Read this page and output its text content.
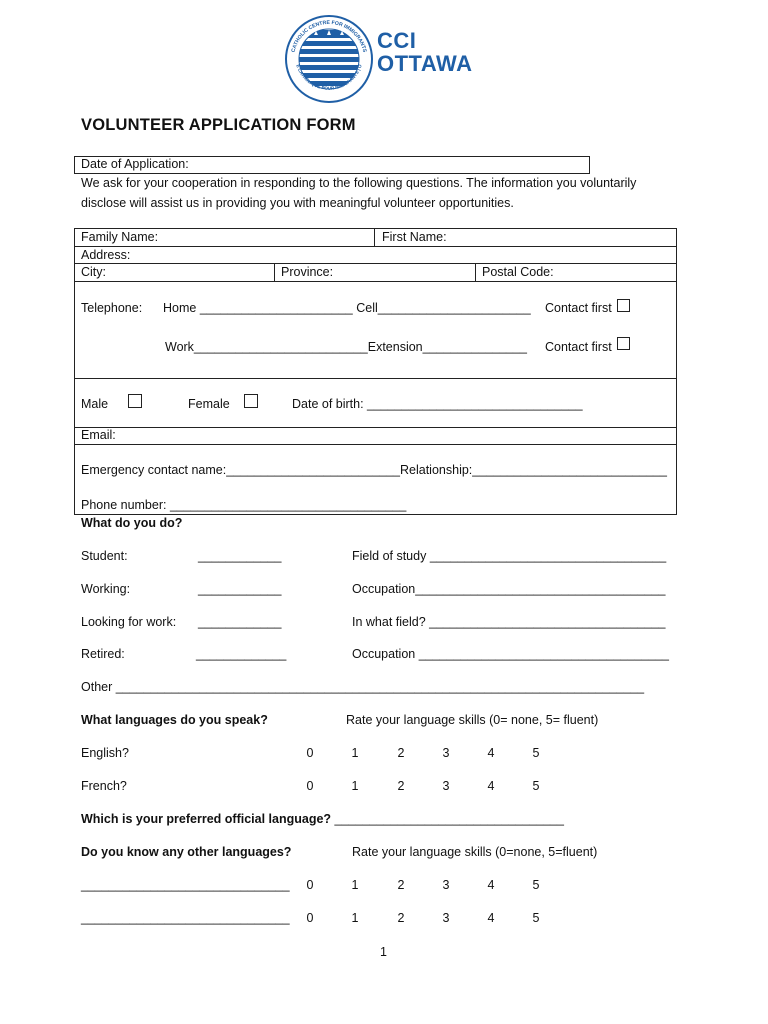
CATHOLIC CENTRE FOR IMMIGRANTS
E CATHOLIQUE POUR IMMIGRANTS | O
CCI
OTTAWA
VOLUNTEER APPLICATION FORM
Date of Application:
We ask for your cooperation in responding to the following questions. The information you voluntarily
disclose will assist us in providing you with meaningful volunteer opportunities.
Family Name:	First Name:
Address:
City:	Province:	Postal Code:
Telephone: Home ______________________ Cell______________________ Contact first
Work_________________________Extension_______________ Contact first
Male	Female	Date of birth: _______________________________
Email:
Emergency contact name:_________________________Relationship:____________________________
Phone number: __________________________________
What do you do?
Student:	____________	Field of study __________________________________
Working:	____________	Occupation____________________________________
Looking for work: ____________	In what field? __________________________________
Retired:	_____________	Occupation ____________________________________
Other ____________________________________________________________________________
What languages do you speak?	Rate your language skills (0= none, 5= fluent)
English?	0	1	2	3	4	5
French?	0	1	2	3	4	5
Which is your preferred official language? _________________________________
Do you know any other languages?	Rate your language skills (0=none, 5=fluent)
______________________________ 0	1	2	3	4	5
______________________________ 0	1	2	3	4	5
1
